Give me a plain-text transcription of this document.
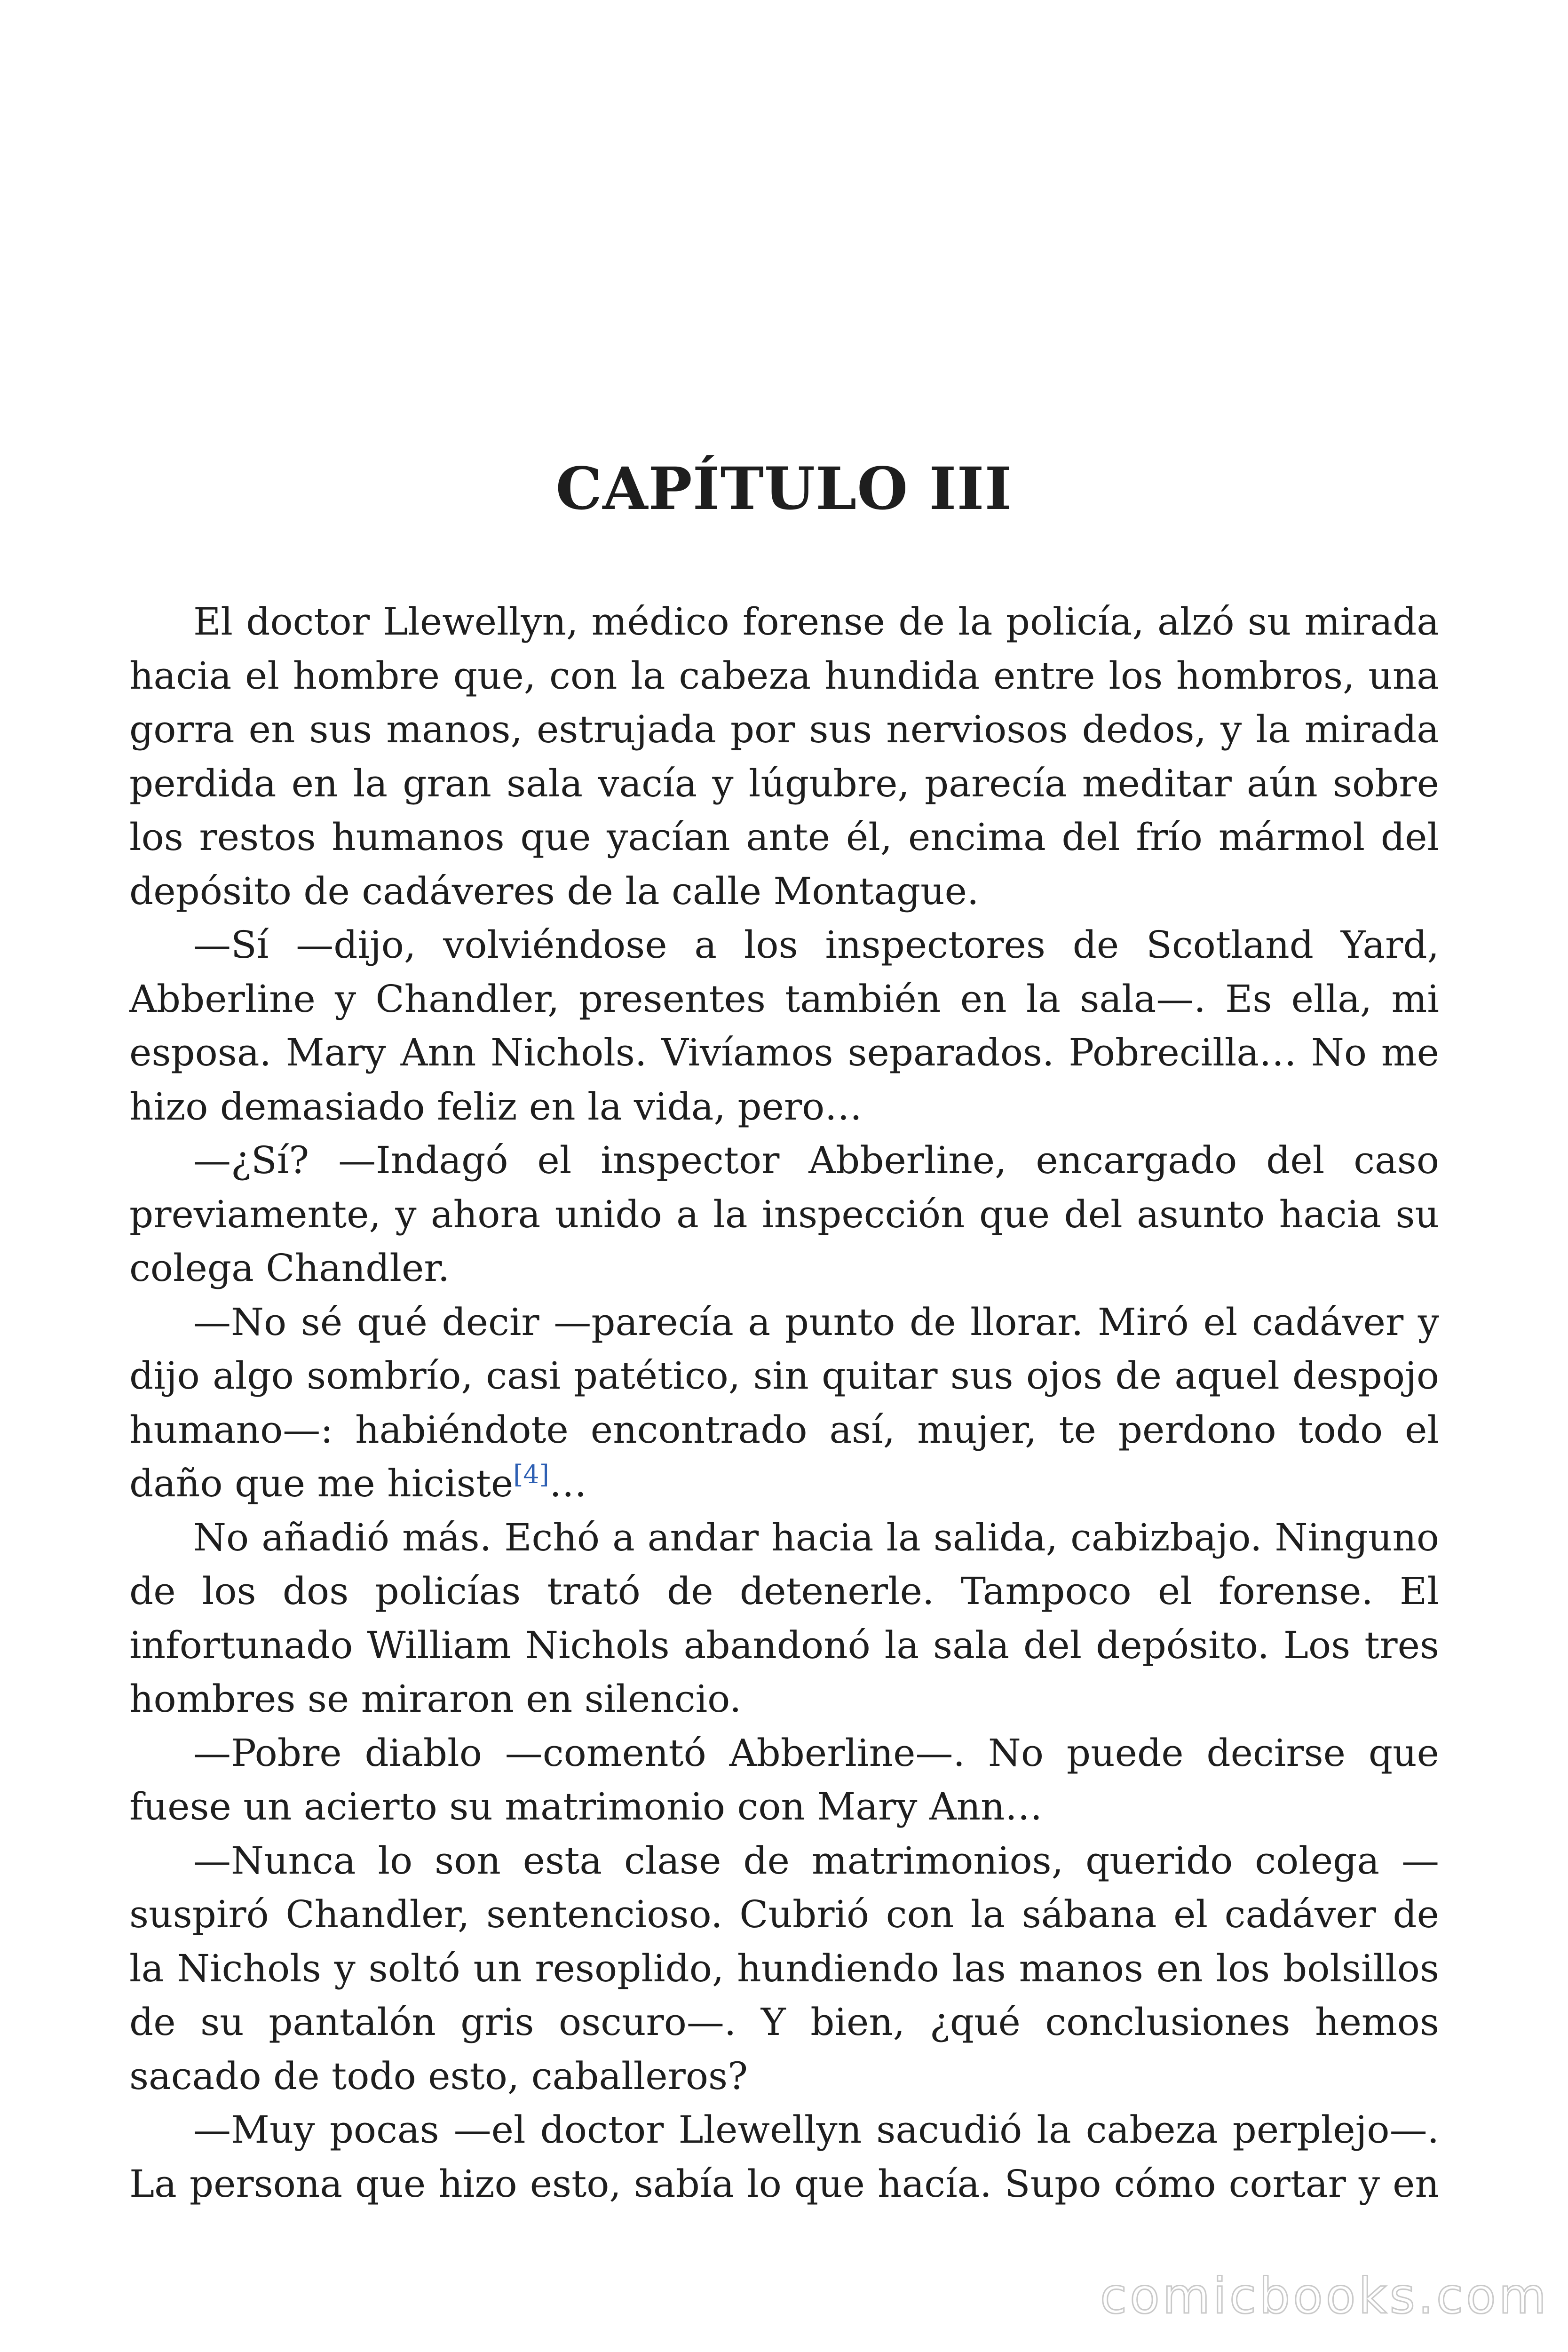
CAPÍTULO III

El doctor Llewellyn, médico forense de la policía, alzó su mirada hacia el hombre que, con la cabeza hundida entre los hombros, una gorra en sus manos, estrujada por sus nerviosos dedos, y la mirada perdida en la gran sala vacía y lúgubre, parecía meditar aún sobre los restos humanos que yacían ante él, encima del frío mármol del depósito de cadáveres de la calle Montague.

—Sí —dijo, volviéndose a los inspectores de Scotland Yard, Abberline y Chandler, presentes también en la sala—. Es ella, mi esposa. Mary Ann Nichols. Vivíamos separados. Pobrecilla… No me hizo demasiado feliz en la vida, pero…

—¿Sí? —Indagó el inspector Abberline, encargado del caso previamente, y ahora unido a la inspección que del asunto hacia su colega Chandler.

—No sé qué decir —parecía a punto de llorar. Miró el cadáver y dijo algo sombrío, casi patético, sin quitar sus ojos de aquel despojo humano—: habiéndote encontrado así, mujer, te perdono todo el daño que me hiciste[4]…

No añadió más. Echó a andar hacia la salida, cabizbajo. Ninguno de los dos policías trató de detenerle. Tampoco el forense. El infortunado William Nichols abandonó la sala del depósito. Los tres hombres se miraron en silencio.

—Pobre diablo —comentó Abberline—. No puede decirse que fuese un acierto su matrimonio con Mary Ann…

—Nunca lo son esta clase de matrimonios, querido colega —suspiró Chandler, sentencioso. Cubrió con la sábana el cadáver de la Nichols y soltó un resoplido, hundiendo las manos en los bolsillos de su pantalón gris oscuro—. Y bien, ¿qué conclusiones hemos sacado de todo esto, caballeros?

—Muy pocas —el doctor Llewellyn sacudió la cabeza perplejo—. La persona que hizo esto, sabía lo que hacía. Supo cómo cortar y en

comicbooks.com
